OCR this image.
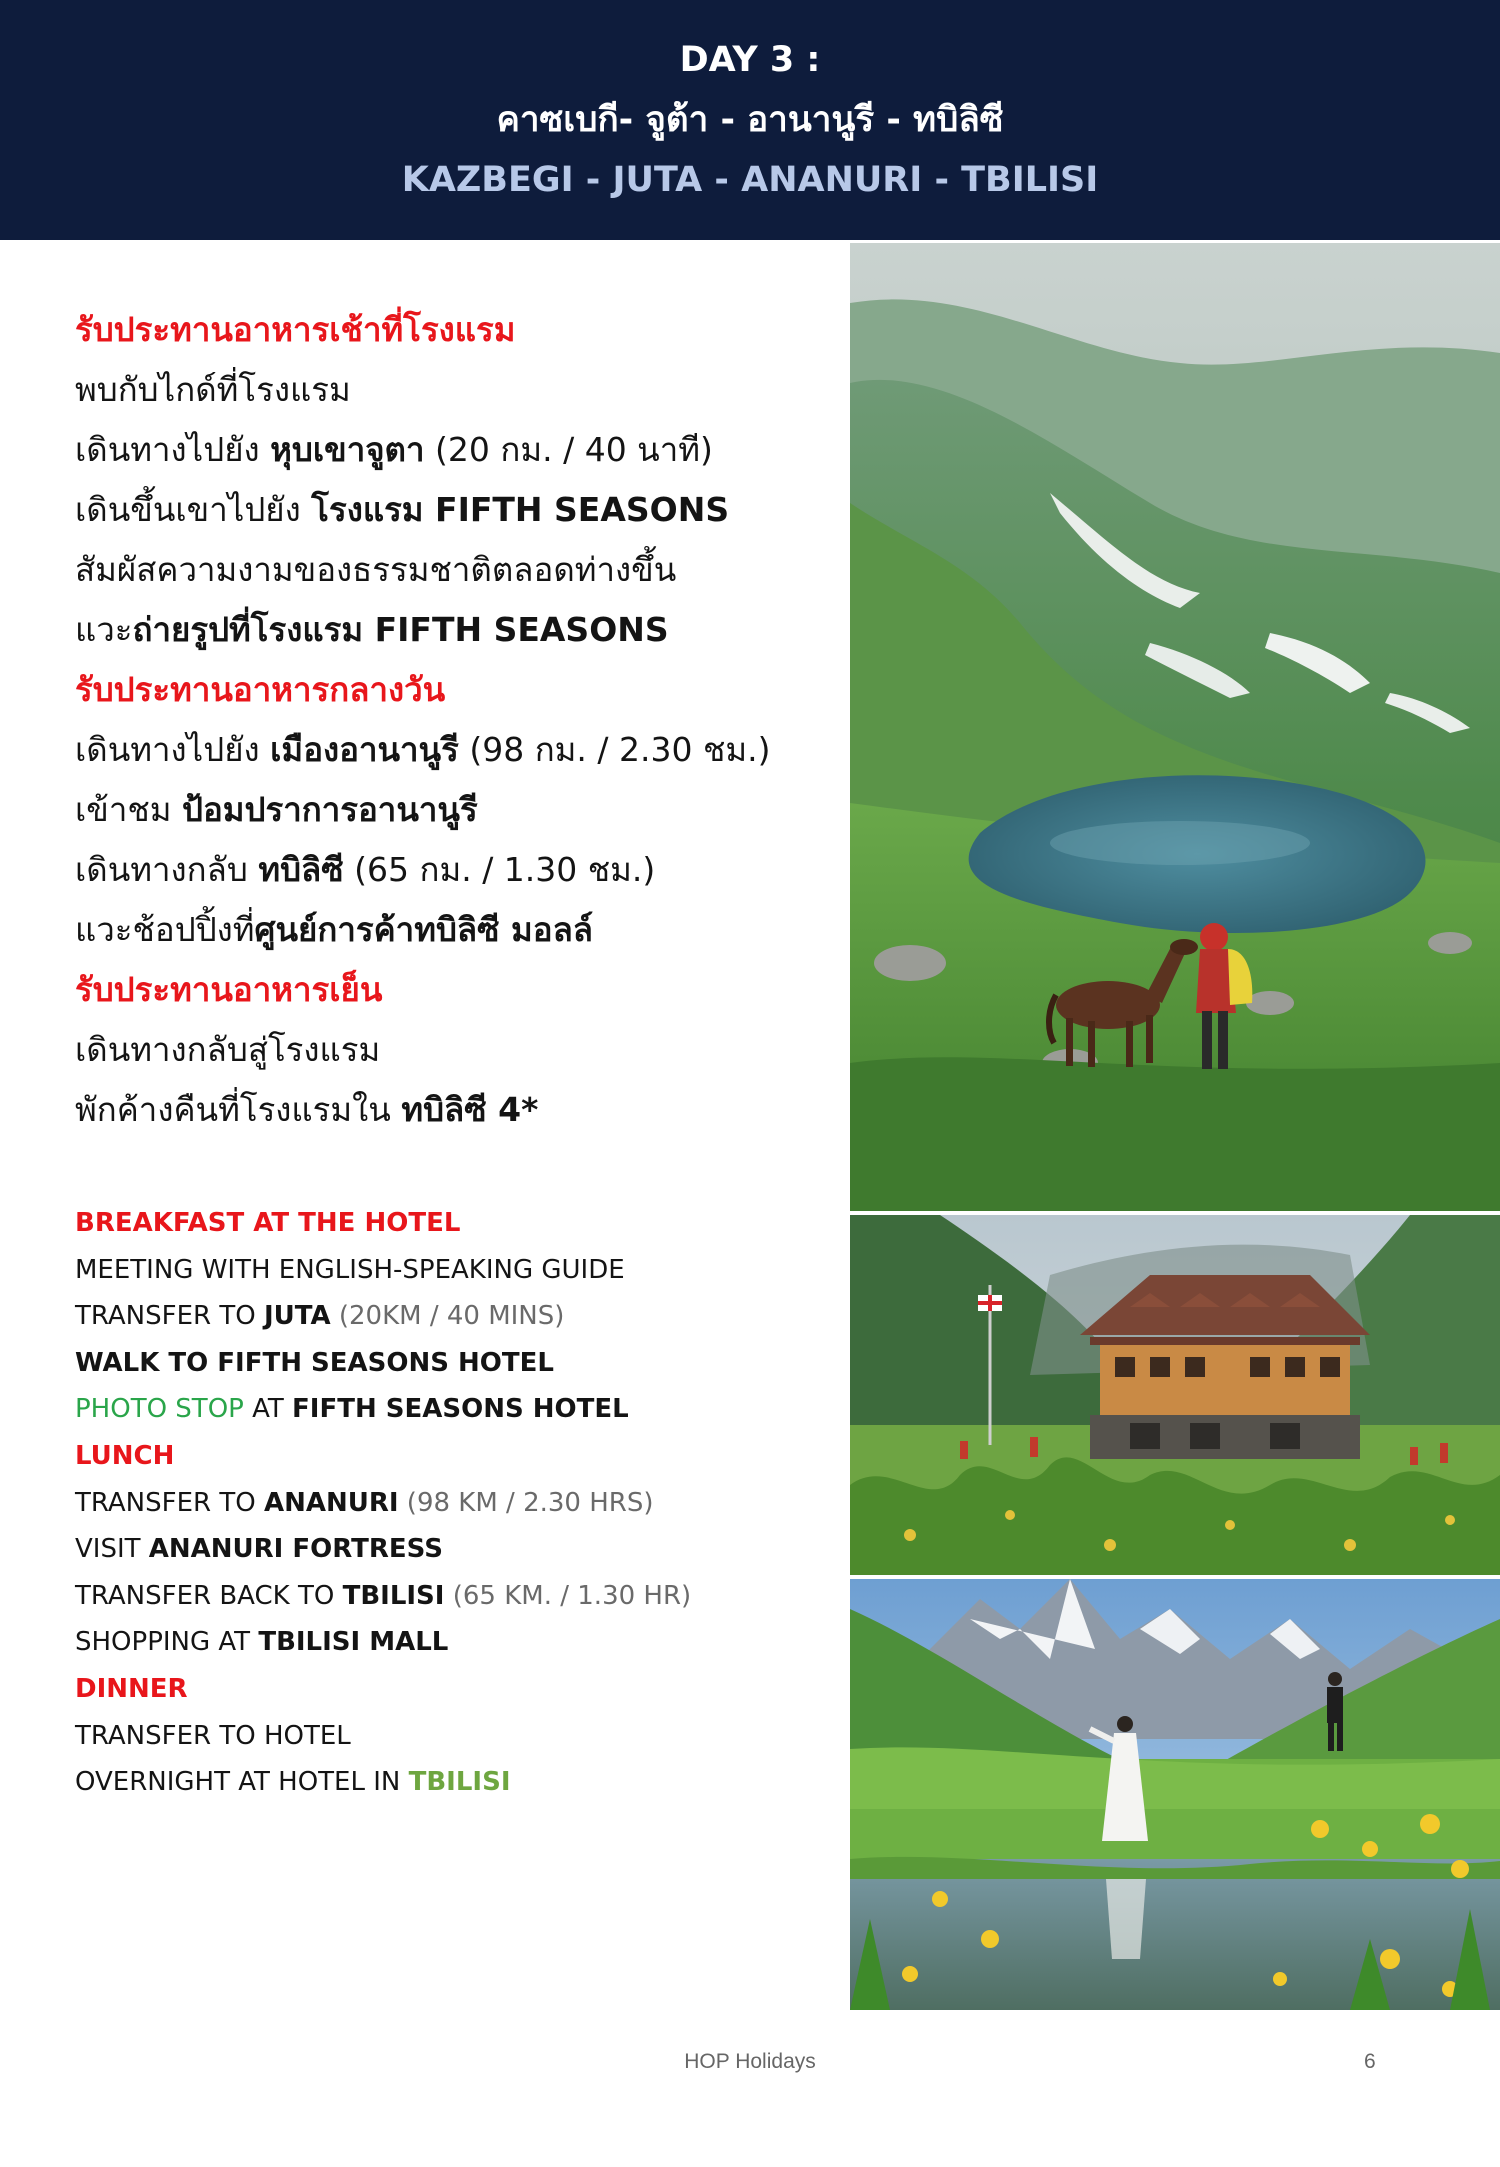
DAY 3 :
คาซเบกี- จูต้า - อานานูรี - ทบิลิซี
KAZBEGI - JUTA - ANANURI - TBILISI
รับประทานอาหารเช้าที่โรงแรม
พบกับไกด์ที่โรงแรม
เดินทางไปยัง หุบเขาจูตา (20 กม. / 40 นาที)
เดินขึ้นเขาไปยัง โรงแรม FIFTH SEASONS
สัมผัสความงามของธรรมชาติตลอดท่างขึ้น
แวะถ่ายรูปที่โรงแรม FIFTH SEASONS
รับประทานอาหารกลางวัน
เดินทางไปยัง เมืองอานานูรี (98 กม. / 2.30 ชม.)
เข้าชม ป้อมปราการอานานูรี
เดินทางกลับ ทบิลิซี (65 กม. / 1.30 ชม.)
แวะช้อปปิ้งที่ศูนย์การค้าทบิลิซี มอลล์
รับประทานอาหารเย็น
เดินทางกลับสู่โรงแรม
พักค้างคืนที่โรงแรมใน ทบิลิซี 4*
BREAKFAST AT THE HOTEL
MEETING WITH ENGLISH-SPEAKING GUIDE
TRANSFER TO JUTA (20KM / 40 MINS)
WALK TO FIFTH SEASONS HOTEL
PHOTO STOP AT FIFTH SEASONS HOTEL
LUNCH
TRANSFER TO ANANURI (98 KM / 2.30 HRS)
VISIT ANANURI FORTRESS
TRANSFER BACK TO TBILISI (65 KM. / 1.30 HR)
SHOPPING AT TBILISI MALL
DINNER
TRANSFER TO HOTEL
OVERNIGHT AT HOTEL IN TBILISI
HOP Holidays	6
